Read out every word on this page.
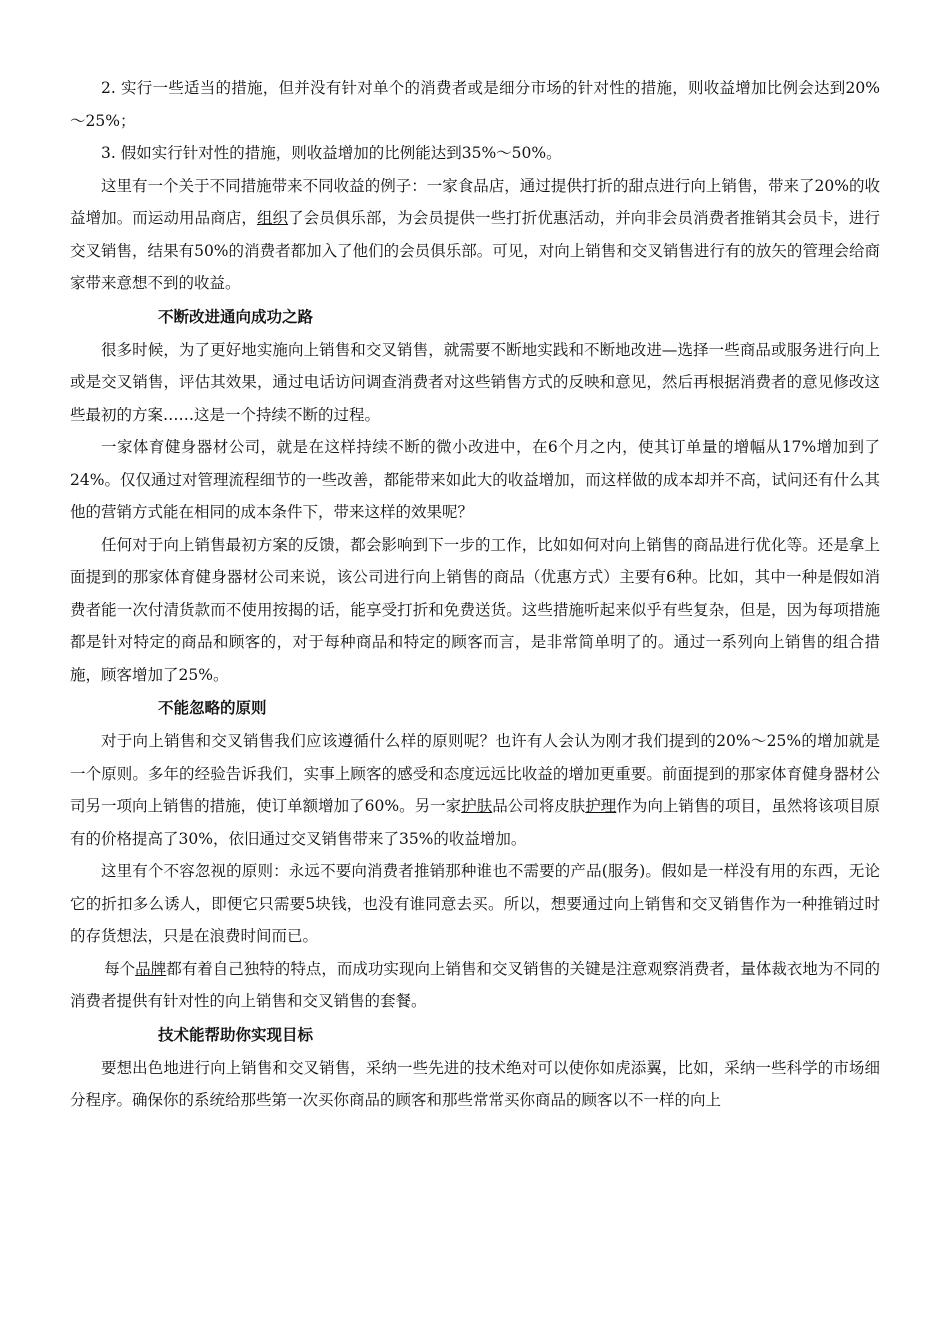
2. 实行一些适当的措施，但并没有针对单个的消费者或是细分市场的针对性的措施，则收益增加比例会达到20%～25%；

3. 假如实行针对性的措施，则收益增加的比例能达到35%～50%。

这里有一个关于不同措施带来不同收益的例子：一家食品店，通过提供打折的甜点进行向上销售，带来了20%的收益增加。而运动用品商店，组织了会员俱乐部，为会员提供一些打折优惠活动，并向非会员消费者推销其会员卡，进行交叉销售，结果有50%的消费者都加入了他们的会员俱乐部。可见，对向上销售和交叉销售进行有的放矢的管理会给商家带来意想不到的收益。

不断改进通向成功之路

很多时候，为了更好地实施向上销售和交叉销售，就需要不断地实践和不断地改进—选择一些商品或服务进行向上或是交叉销售，评估其效果，通过电话访问调查消费者对这些销售方式的反映和意见，然后再根据消费者的意见修改这些最初的方案……这是一个持续不断的过程。

一家体育健身器材公司，就是在这样持续不断的微小改进中，在6个月之内，使其订单量的增幅从17%增加到了24%。仅仅通过对管理流程细节的一些改善，都能带来如此大的收益增加，而这样做的成本却并不高，试问还有什么其他的营销方式能在相同的成本条件下，带来这样的效果呢？

任何对于向上销售最初方案的反馈，都会影响到下一步的工作，比如如何对向上销售的商品进行优化等。还是拿上面提到的那家体育健身器材公司来说，该公司进行向上销售的商品（优惠方式）主要有6种。比如，其中一种是假如消费者能一次付清货款而不使用按揭的话，能享受打折和免费送货。这些措施听起来似乎有些复杂，但是，因为每项措施都是针对特定的商品和顾客的，对于每种商品和特定的顾客而言，是非常简单明了的。通过一系列向上销售的组合措施，顾客增加了25%。

不能忽略的原则

对于向上销售和交叉销售我们应该遵循什么样的原则呢？也许有人会认为刚才我们提到的20%～25%的增加就是一个原则。多年的经验告诉我们，实事上顾客的感受和态度远远比收益的增加更重要。前面提到的那家体育健身器材公司另一项向上销售的措施，使订单额增加了60%。另一家护肤品公司将皮肤护理作为向上销售的项目，虽然将该项目原有的价格提高了30%，依旧通过交叉销售带来了35%的收益增加。

这里有个不容忽视的原则：永远不要向消费者推销那种谁也不需要的产品(服务)。假如是一样没有用的东西，无论它的折扣多么诱人，即便它只需要5块钱，也没有谁同意去买。所以，想要通过向上销售和交叉销售作为一种推销过时的存货想法，只是在浪费时间而已。

每个品牌都有着自己独特的特点，而成功实现向上销售和交叉销售的关键是注意观察消费者，量体裁衣地为不同的消费者提供有针对性的向上销售和交叉销售的套餐。

技术能帮助你实现目标

要想出色地进行向上销售和交叉销售，采纳一些先进的技术绝对可以使你如虎添翼，比如，采纳一些科学的市场细分程序。确保你的系统给那些第一次买你商品的顾客和那些常常买你商品的顾客以不一样的向上
